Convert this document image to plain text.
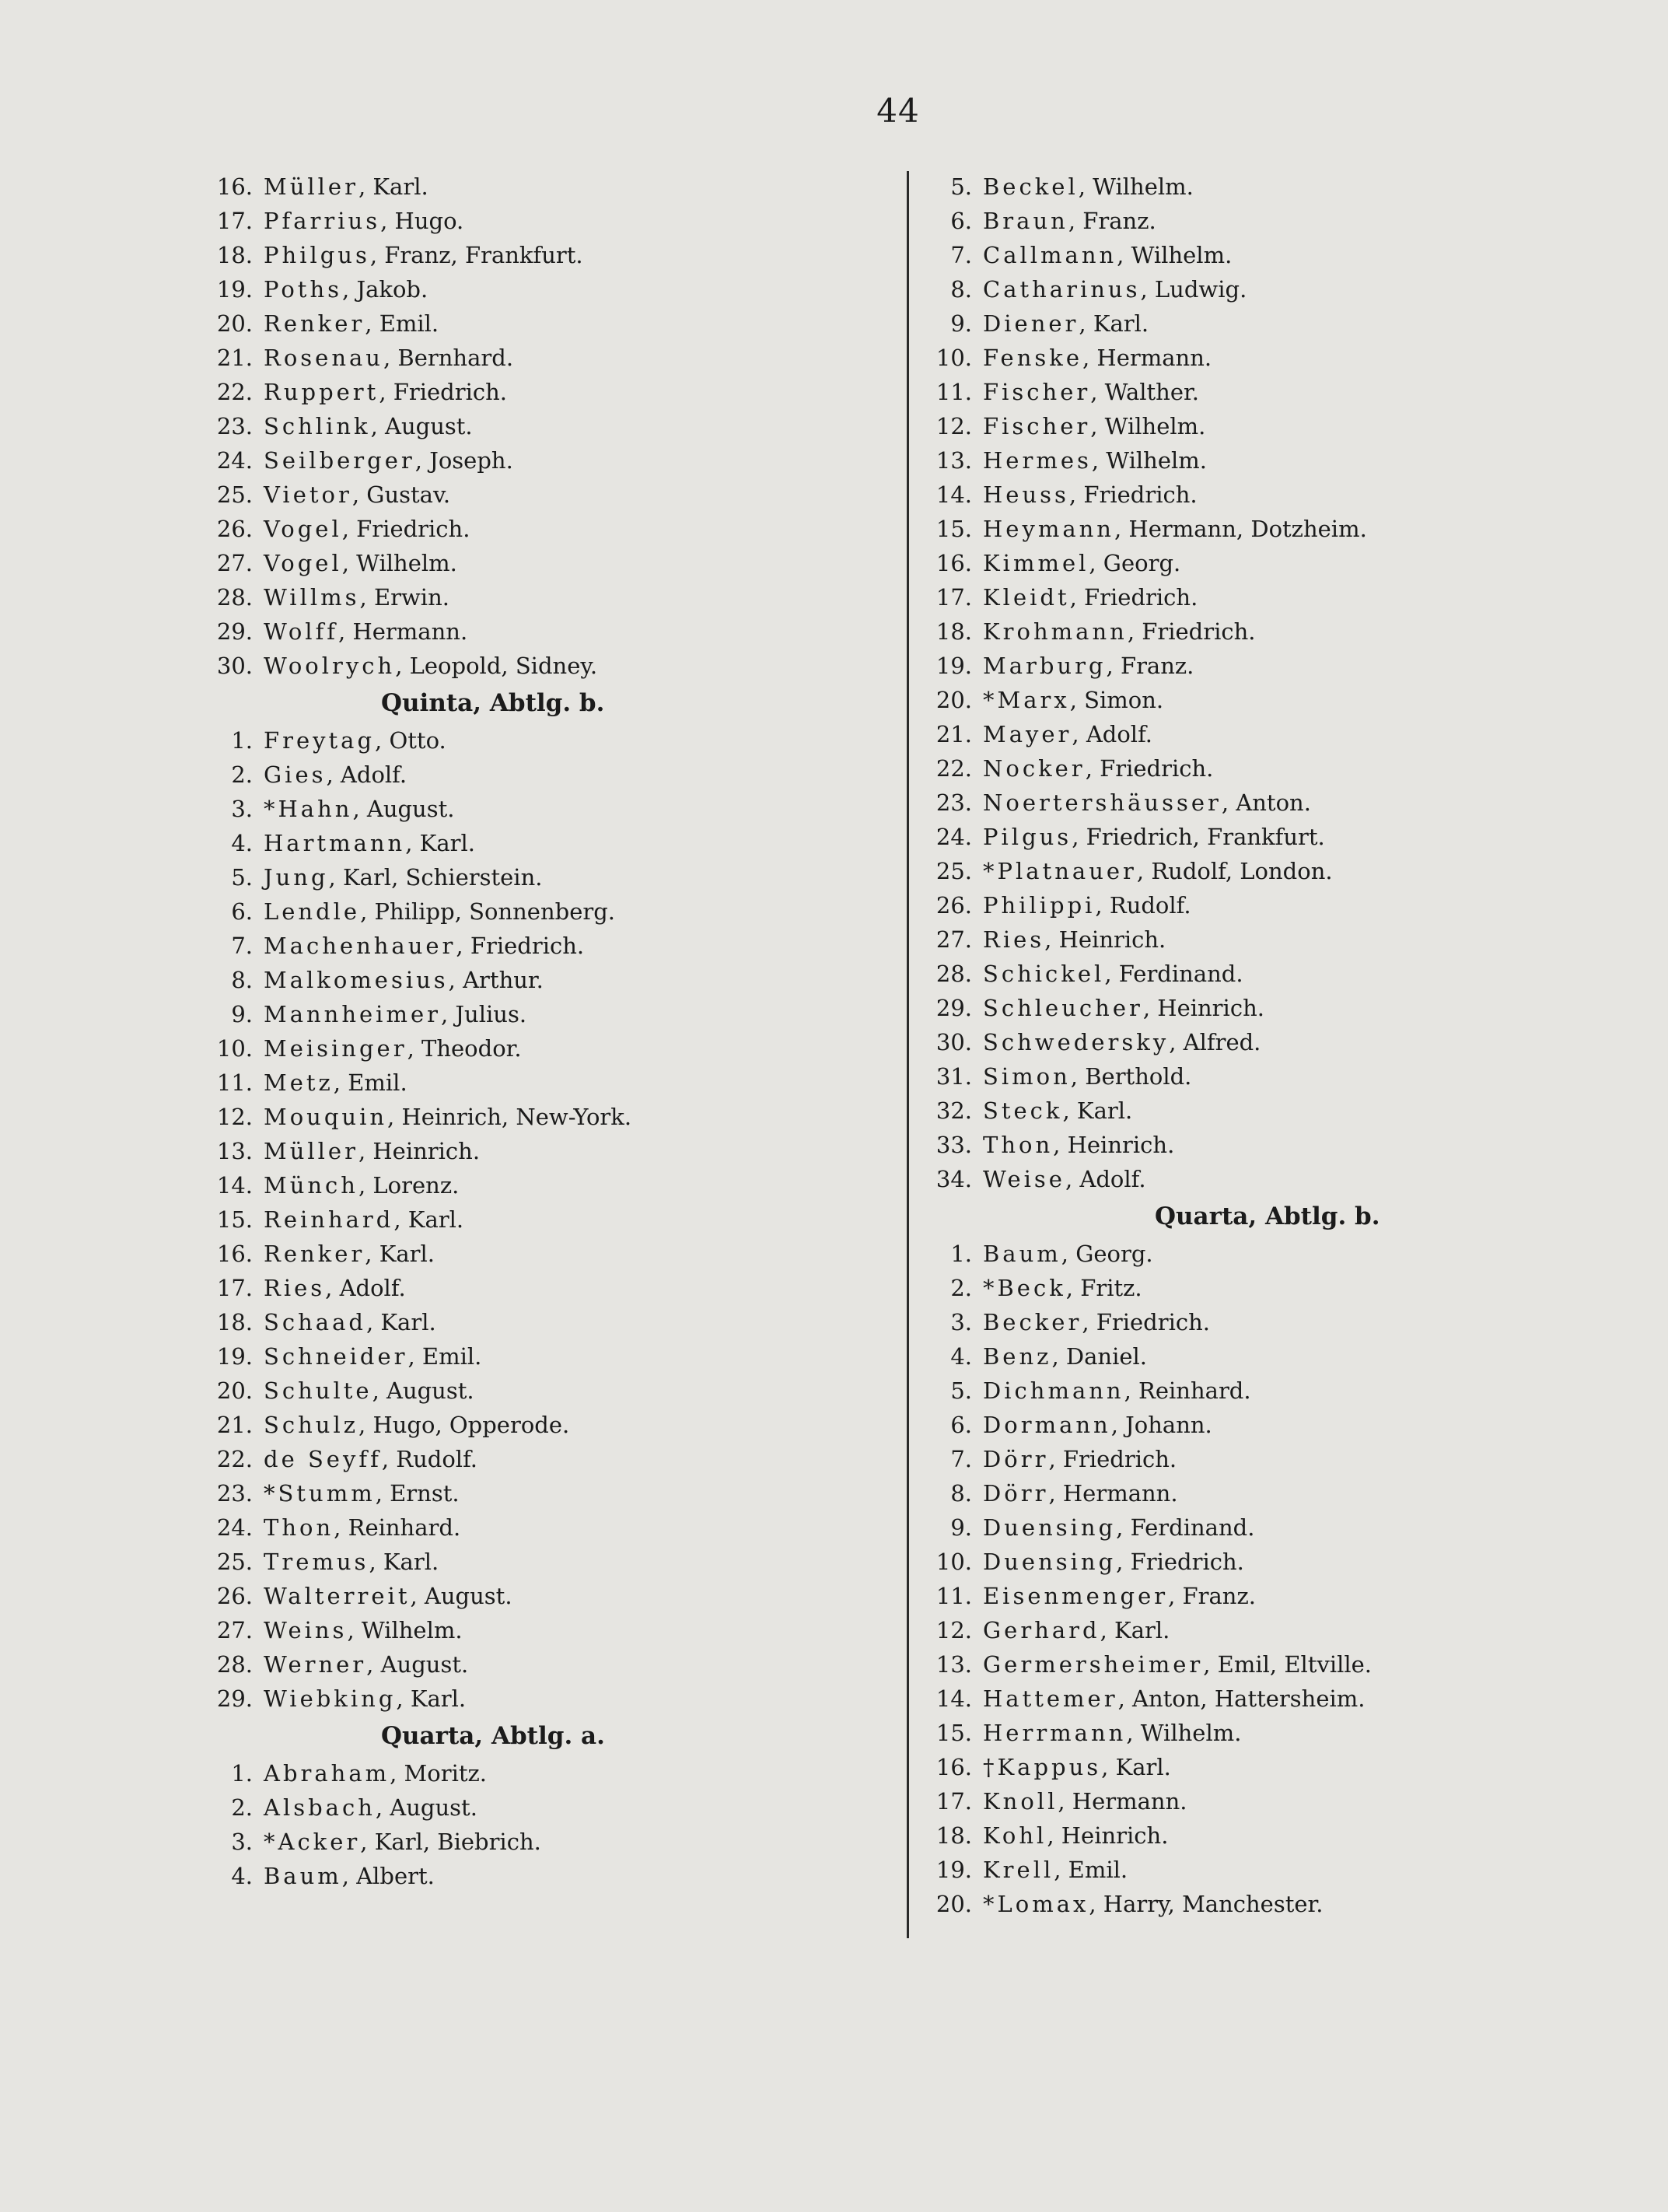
44
16. Müller, Karl.
17. Pfarrius, Hugo.
18. Philgus, Franz, Frankfurt.
19. Poths, Jakob.
20. Renker, Emil.
21. Rosenau, Bernhard.
22. Ruppert, Friedrich.
23. Schlink, August.
24. Seilberger, Joseph.
25. Vietor, Gustav.
26. Vogel, Friedrich.
27. Vogel, Wilhelm.
28. Willms, Erwin.
29. Wolff, Hermann.
30. Woolrych, Leopold, Sidney.
Quinta, Abtlg. b.
1. Freytag, Otto.
2. Gies, Adolf.
3. *Hahn, August.
4. Hartmann, Karl.
5. Jung, Karl, Schierstein.
6. Lendle, Philipp, Sonnenberg.
7. Machenhauer, Friedrich.
8. Malkomesius, Arthur.
9. Mannheimer, Julius.
10. Meisinger, Theodor.
11. Metz, Emil.
12. Mouquin, Heinrich, New-York.
13. Müller, Heinrich.
14. Münch, Lorenz.
15. Reinhard, Karl.
16. Renker, Karl.
17. Ries, Adolf.
18. Schaad, Karl.
19. Schneider, Emil.
20. Schulte, August.
21. Schulz, Hugo, Opperode.
22. de Seyff, Rudolf.
23. *Stumm, Ernst.
24. Thon, Reinhard.
25. Tremus, Karl.
26. Walterreit, August.
27. Weins, Wilhelm.
28. Werner, August.
29. Wiebking, Karl.
Quarta, Abtlg. a.
1. Abraham, Moritz.
2. Alsbach, August.
3. *Acker, Karl, Biebrich.
4. Baum, Albert.
5. Beckel, Wilhelm.
6. Braun, Franz.
7. Callmann, Wilhelm.
8. Catharinus, Ludwig.
9. Diener, Karl.
10. Fenske, Hermann.
11. Fischer, Walther.
12. Fischer, Wilhelm.
13. Hermes, Wilhelm.
14. Heuss, Friedrich.
15. Heymann, Hermann, Dotzheim.
16. Kimmel, Georg.
17. Kleidt, Friedrich.
18. Krohmann, Friedrich.
19. Marburg, Franz.
20. *Marx, Simon.
21. Mayer, Adolf.
22. Nocker, Friedrich.
23. Noertershäusser, Anton.
24. Pilgus, Friedrich, Frankfurt.
25. *Platnauer, Rudolf, London.
26. Philippi, Rudolf.
27. Ries, Heinrich.
28. Schickel, Ferdinand.
29. Schleucher, Heinrich.
30. Schwedersky, Alfred.
31. Simon, Berthold.
32. Steck, Karl.
33. Thon, Heinrich.
34. Weise, Adolf.
Quarta, Abtlg. b.
1. Baum, Georg.
2. *Beck, Fritz.
3. Becker, Friedrich.
4. Benz, Daniel.
5. Dichmann, Reinhard.
6. Dormann, Johann.
7. Dörr, Friedrich.
8. Dörr, Hermann.
9. Duensing, Ferdinand.
10. Duensing, Friedrich.
11. Eisenmenger, Franz.
12. Gerhard, Karl.
13. Germersheimer, Emil, Eltville.
14. Hattemer, Anton, Hattersheim.
15. Herrmann, Wilhelm.
16. †Kappus, Karl.
17. Knoll, Hermann.
18. Kohl, Heinrich.
19. Krell, Emil.
20. *Lomax, Harry, Manchester.
